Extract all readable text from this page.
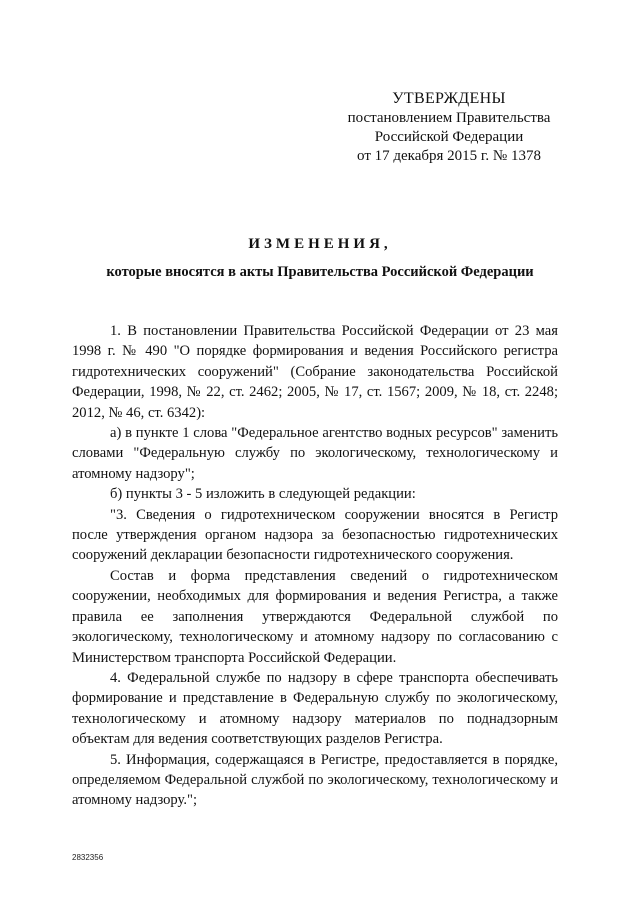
УТВЕРЖДЕНЫ
постановлением Правительства
Российской Федерации
от 17 декабря 2015 г. № 1378
ИЗМЕНЕНИЯ,
которые вносятся в акты Правительства Российской Федерации

1. В постановлении Правительства Российской Федерации от 23 мая 1998 г. № 490 "О порядке формирования и ведения Российского регистра гидротехнических сооружений" (Собрание законодательства Российской Федерации, 1998, № 22, ст. 2462; 2005, № 17, ст. 1567; 2009, № 18, ст. 2248; 2012, № 46, ст. 6342):

а) в пункте 1 слова "Федеральное агентство водных ресурсов" заменить словами "Федеральную службу по экологическому, технологическому и атомному надзору";

б) пункты 3 - 5 изложить в следующей редакции:

"3. Сведения о гидротехническом сооружении вносятся в Регистр после утверждения органом надзора за безопасностью гидротехнических сооружений декларации безопасности гидротехнического сооружения.

Состав и форма представления сведений о гидротехническом сооружении, необходимых для формирования и ведения Регистра, а также правила ее заполнения утверждаются Федеральной службой по экологическому, технологическому и атомному надзору по согласованию с Министерством транспорта Российской Федерации.

4. Федеральной службе по надзору в сфере транспорта обеспечивать формирование и представление в Федеральную службу по экологическому, технологическому и атомному надзору материалов по поднадзорным объектам для ведения соответствующих разделов Регистра.

5. Информация, содержащаяся в Регистре, предоставляется в порядке, определяемом Федеральной службой по экологическому, технологическому и атомному надзору.";

2832356
